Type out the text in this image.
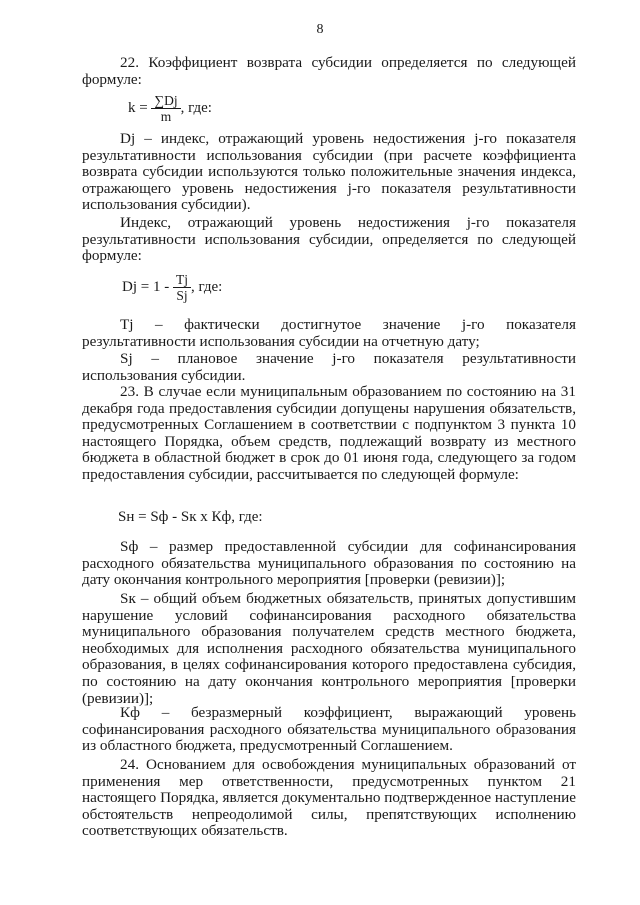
8
22. Коэффициент возврата субсидии определяется по следующей формуле:
$k = \frac{\sum Dj}{m}$ , где:
Dj – индекс, отражающий уровень недостижения j-го показателя результативности использования субсидии (при расчете коэффициента возврата субсидии используются только положительные значения индекса, отражающего уровень недостижения j-го показателя результативности использования субсидии).
Индекс, отражающий уровень недостижения j-го показателя результативности использования субсидии, определяется по следующей формуле:
$Dj = 1 - \frac{Tj}{Sj}$ , где:
Tj – фактически достигнутое значение j-го показателя результативности использования субсидии на отчетную дату;
Sj – плановое значение j-го показателя результативности использования субсидии.
23. В случае если муниципальным образованием по состоянию на 31 декабря года предоставления субсидии допущены нарушения обязательств, предусмотренных Соглашением в соответствии с подпунктом 3 пункта 10 настоящего Порядка, объем средств, подлежащий возврату из местного бюджета в областной бюджет в срок до 01 июня года, следующего за годом предоставления субсидии, рассчитывается по следующей формуле:
Sн = Sф - Sк х Кф, где:
Sф – размер предоставленной субсидии для софинансирования расходного обязательства муниципального образования по состоянию на дату окончания контрольного мероприятия [проверки (ревизии)];
Sк – общий объем бюджетных обязательств, принятых допустившим нарушение условий софинансирования расходного обязательства муниципального образования получателем средств местного бюджета, необходимых для исполнения расходного обязательства муниципального образования, в целях софинансирования которого предоставлена субсидия, по состоянию на дату окончания контрольного мероприятия [проверки (ревизии)];
Кф – безразмерный коэффициент, выражающий уровень софинансирования расходного обязательства муниципального образования из областного бюджета, предусмотренный Соглашением.
24. Основанием для освобождения муниципальных образований от применения мер ответственности, предусмотренных пунктом 21 настоящего Порядка, является документально подтвержденное наступление обстоятельств непреодолимой силы, препятствующих исполнению соответствующих обязательств.
